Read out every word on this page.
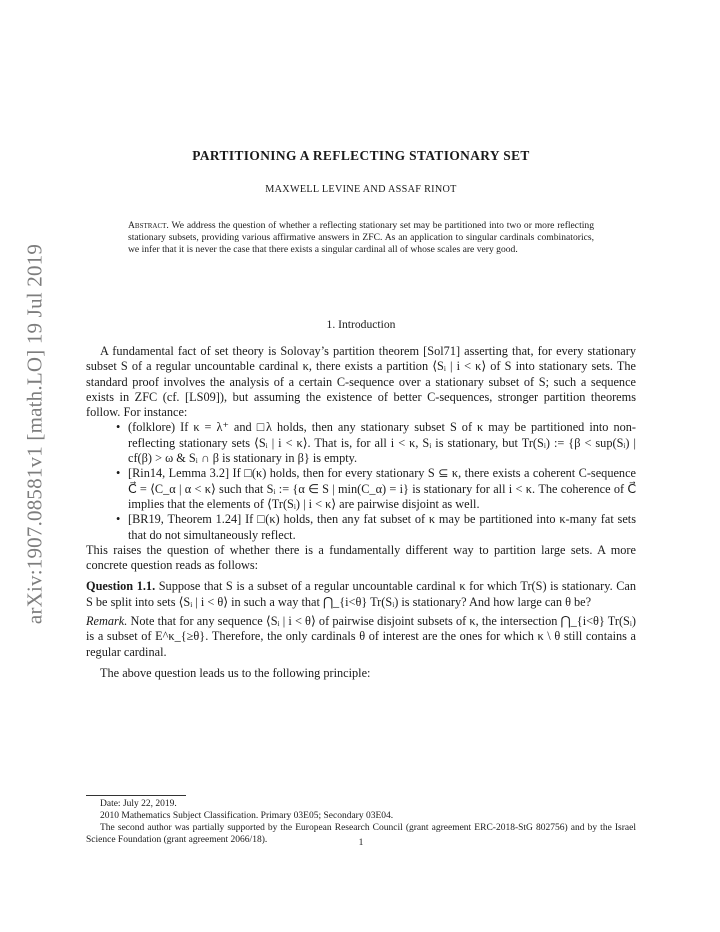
arXiv:1907.08581v1 [math.LO] 19 Jul 2019
PARTITIONING A REFLECTING STATIONARY SET
MAXWELL LEVINE AND ASSAF RINOT
Abstract. We address the question of whether a reflecting stationary set may be partitioned into two or more reflecting stationary subsets, providing various affirmative answers in ZFC. As an application to singular cardinals combinatorics, we infer that it is never the case that there exists a singular cardinal all of whose scales are very good.
1. Introduction

A fundamental fact of set theory is Solovay’s partition theorem [Sol71] asserting that, for every stationary subset S of a regular uncountable cardinal κ, there exists a partition ⟨Sᵢ | i < κ⟩ of S into stationary sets. The standard proof involves the analysis of a certain C-sequence over a stationary subset of S; such a sequence exists in ZFC (cf. [LS09]), but assuming the existence of better C-sequences, stronger partition theorems follow. For instance:

• (folklore) If κ = λ⁺ and □λ holds, then any stationary subset S of κ may be partitioned into non-reflecting stationary sets ⟨Sᵢ | i < κ⟩. That is, for all i < κ, Sᵢ is stationary, but Tr(Sᵢ) := {β < sup(Sᵢ) | cf(β) > ω & Sᵢ ∩ β is stationary in β} is empty.
• [Rin14, Lemma 3.2] If □(κ) holds, then for every stationary S ⊆ κ, there exists a coherent C-sequence C⃗ = ⟨C_α | α < κ⟩ such that Sᵢ := {α ∈ S | min(C_α) = i} is stationary for all i < κ. The coherence of C⃗ implies that the elements of ⟨Tr(Sᵢ) | i < κ⟩ are pairwise disjoint as well.
• [BR19, Theorem 1.24] If □(κ) holds, then any fat subset of κ may be partitioned into κ-many fat sets that do not simultaneously reflect.

This raises the question of whether there is a fundamentally different way to partition large sets. A more concrete question reads as follows:

Question 1.1. Suppose that S is a subset of a regular uncountable cardinal κ for which Tr(S) is stationary. Can S be split into sets ⟨Sᵢ | i < θ⟩ in such a way that ⋂_{i<θ} Tr(Sᵢ) is stationary? And how large can θ be?

Remark. Note that for any sequence ⟨Sᵢ | i < θ⟩ of pairwise disjoint subsets of κ, the intersection ⋂_{i<θ} Tr(Sᵢ) is a subset of E^κ_{≥θ}. Therefore, the only cardinals θ of interest are the ones for which κ \ θ still contains a regular cardinal.

The above question leads us to the following principle:

Date: July 22, 2019.

2010 Mathematics Subject Classification. Primary 03E05; Secondary 03E04.

The second author was partially supported by the European Research Council (grant agreement ERC-2018-StG 802756) and by the Israel Science Foundation (grant agreement 2066/18).	1
